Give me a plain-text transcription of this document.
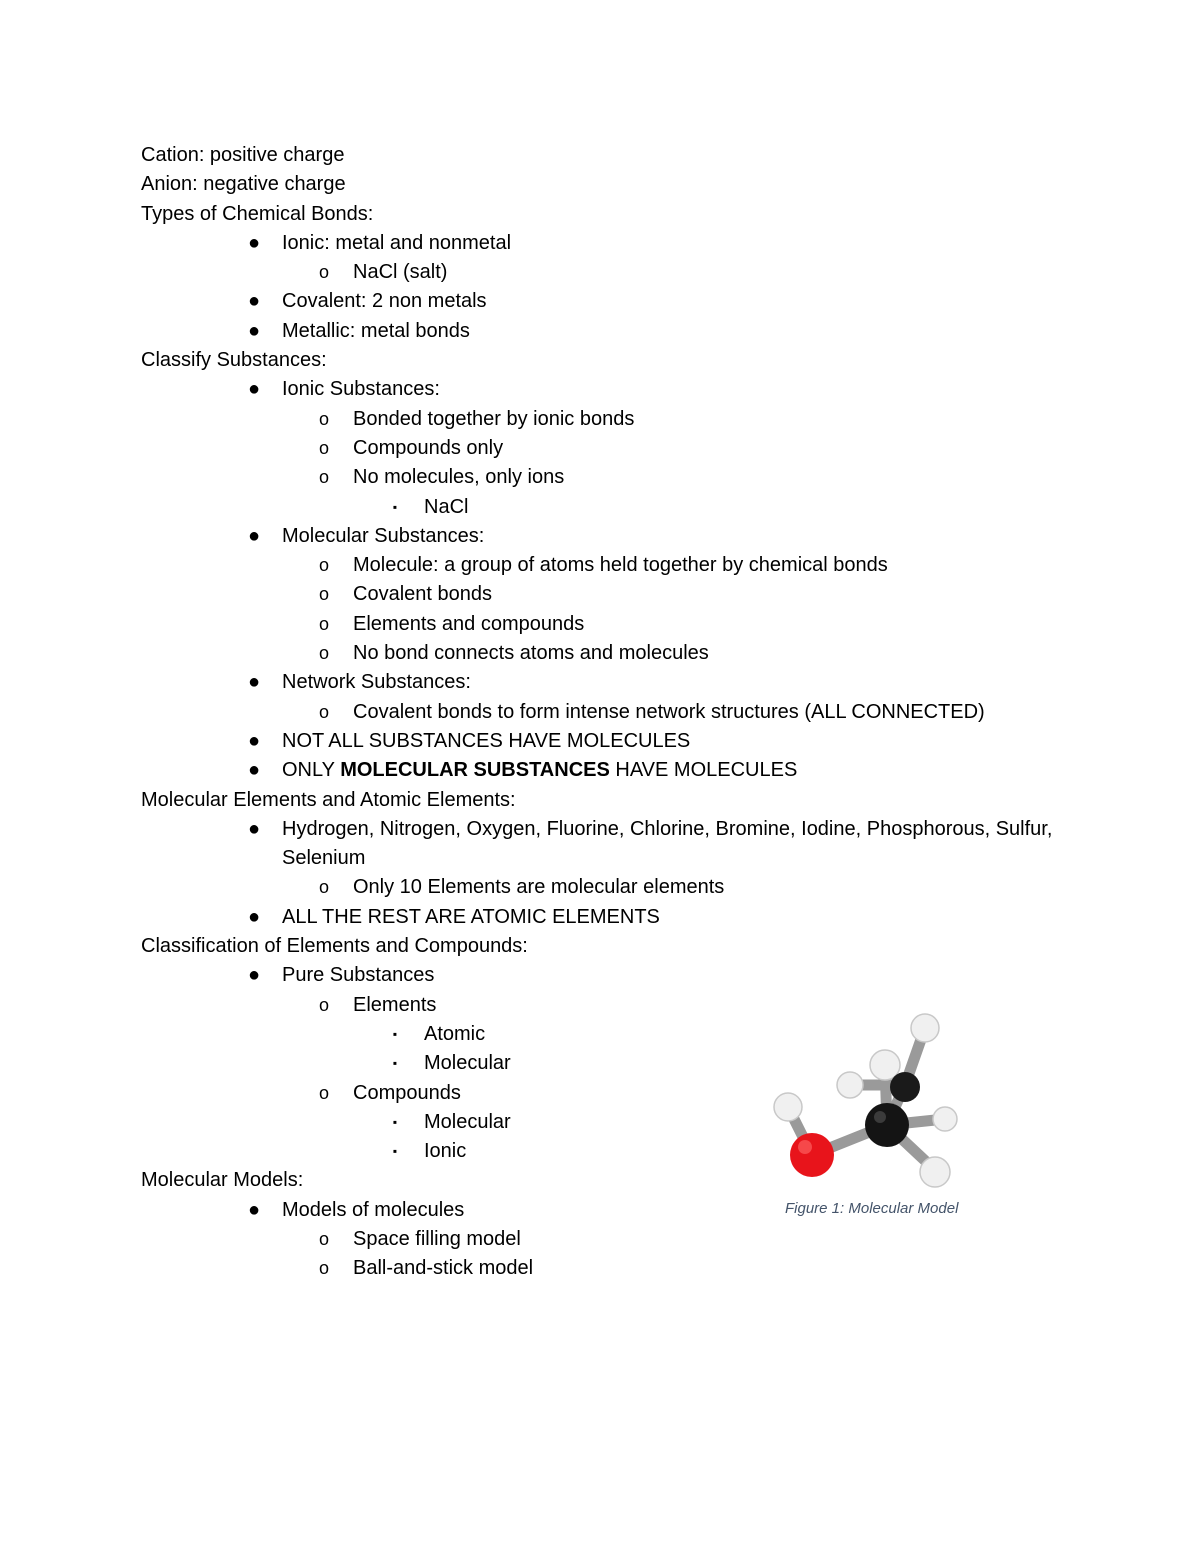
Cation: positive charge
Anion: negative charge
Types of Chemical Bonds:
● Ionic: metal and nonmetal
o NaCl (salt)
● Covalent: 2 non metals
● Metallic: metal bonds
Classify Substances:
● Ionic Substances:
o Bonded together by ionic bonds
o Compounds only
o No molecules, only ions
▪	NaCl
● Molecular Substances:
o Molecule: a group of atoms held together by chemical bonds
o Covalent bonds
o Elements and compounds
o No bond connects atoms and molecules
● Network Substances:
o Covalent bonds to form intense network structures (ALL CONNECTED)
● NOT ALL SUBSTANCES HAVE MOLECULES
● ONLY MOLECULAR SUBSTANCES HAVE MOLECULES
Molecular Elements and Atomic Elements:
● Hydrogen, Nitrogen, Oxygen, Fluorine, Chlorine, Bromine, Iodine, Phosphorous, Sulfur, Selenium
o Only 10 Elements are molecular elements
● ALL THE REST ARE ATOMIC ELEMENTS
Classification of Elements and Compounds:
● Pure Substances
o Elements
▪	Atomic
▪	Molecular
o Compounds
▪	Molecular
▪	Ionic
Molecular Models:
● Models of molecules
o Space filling model
o Ball-and-stick model
Figure 1: Molecular Model
